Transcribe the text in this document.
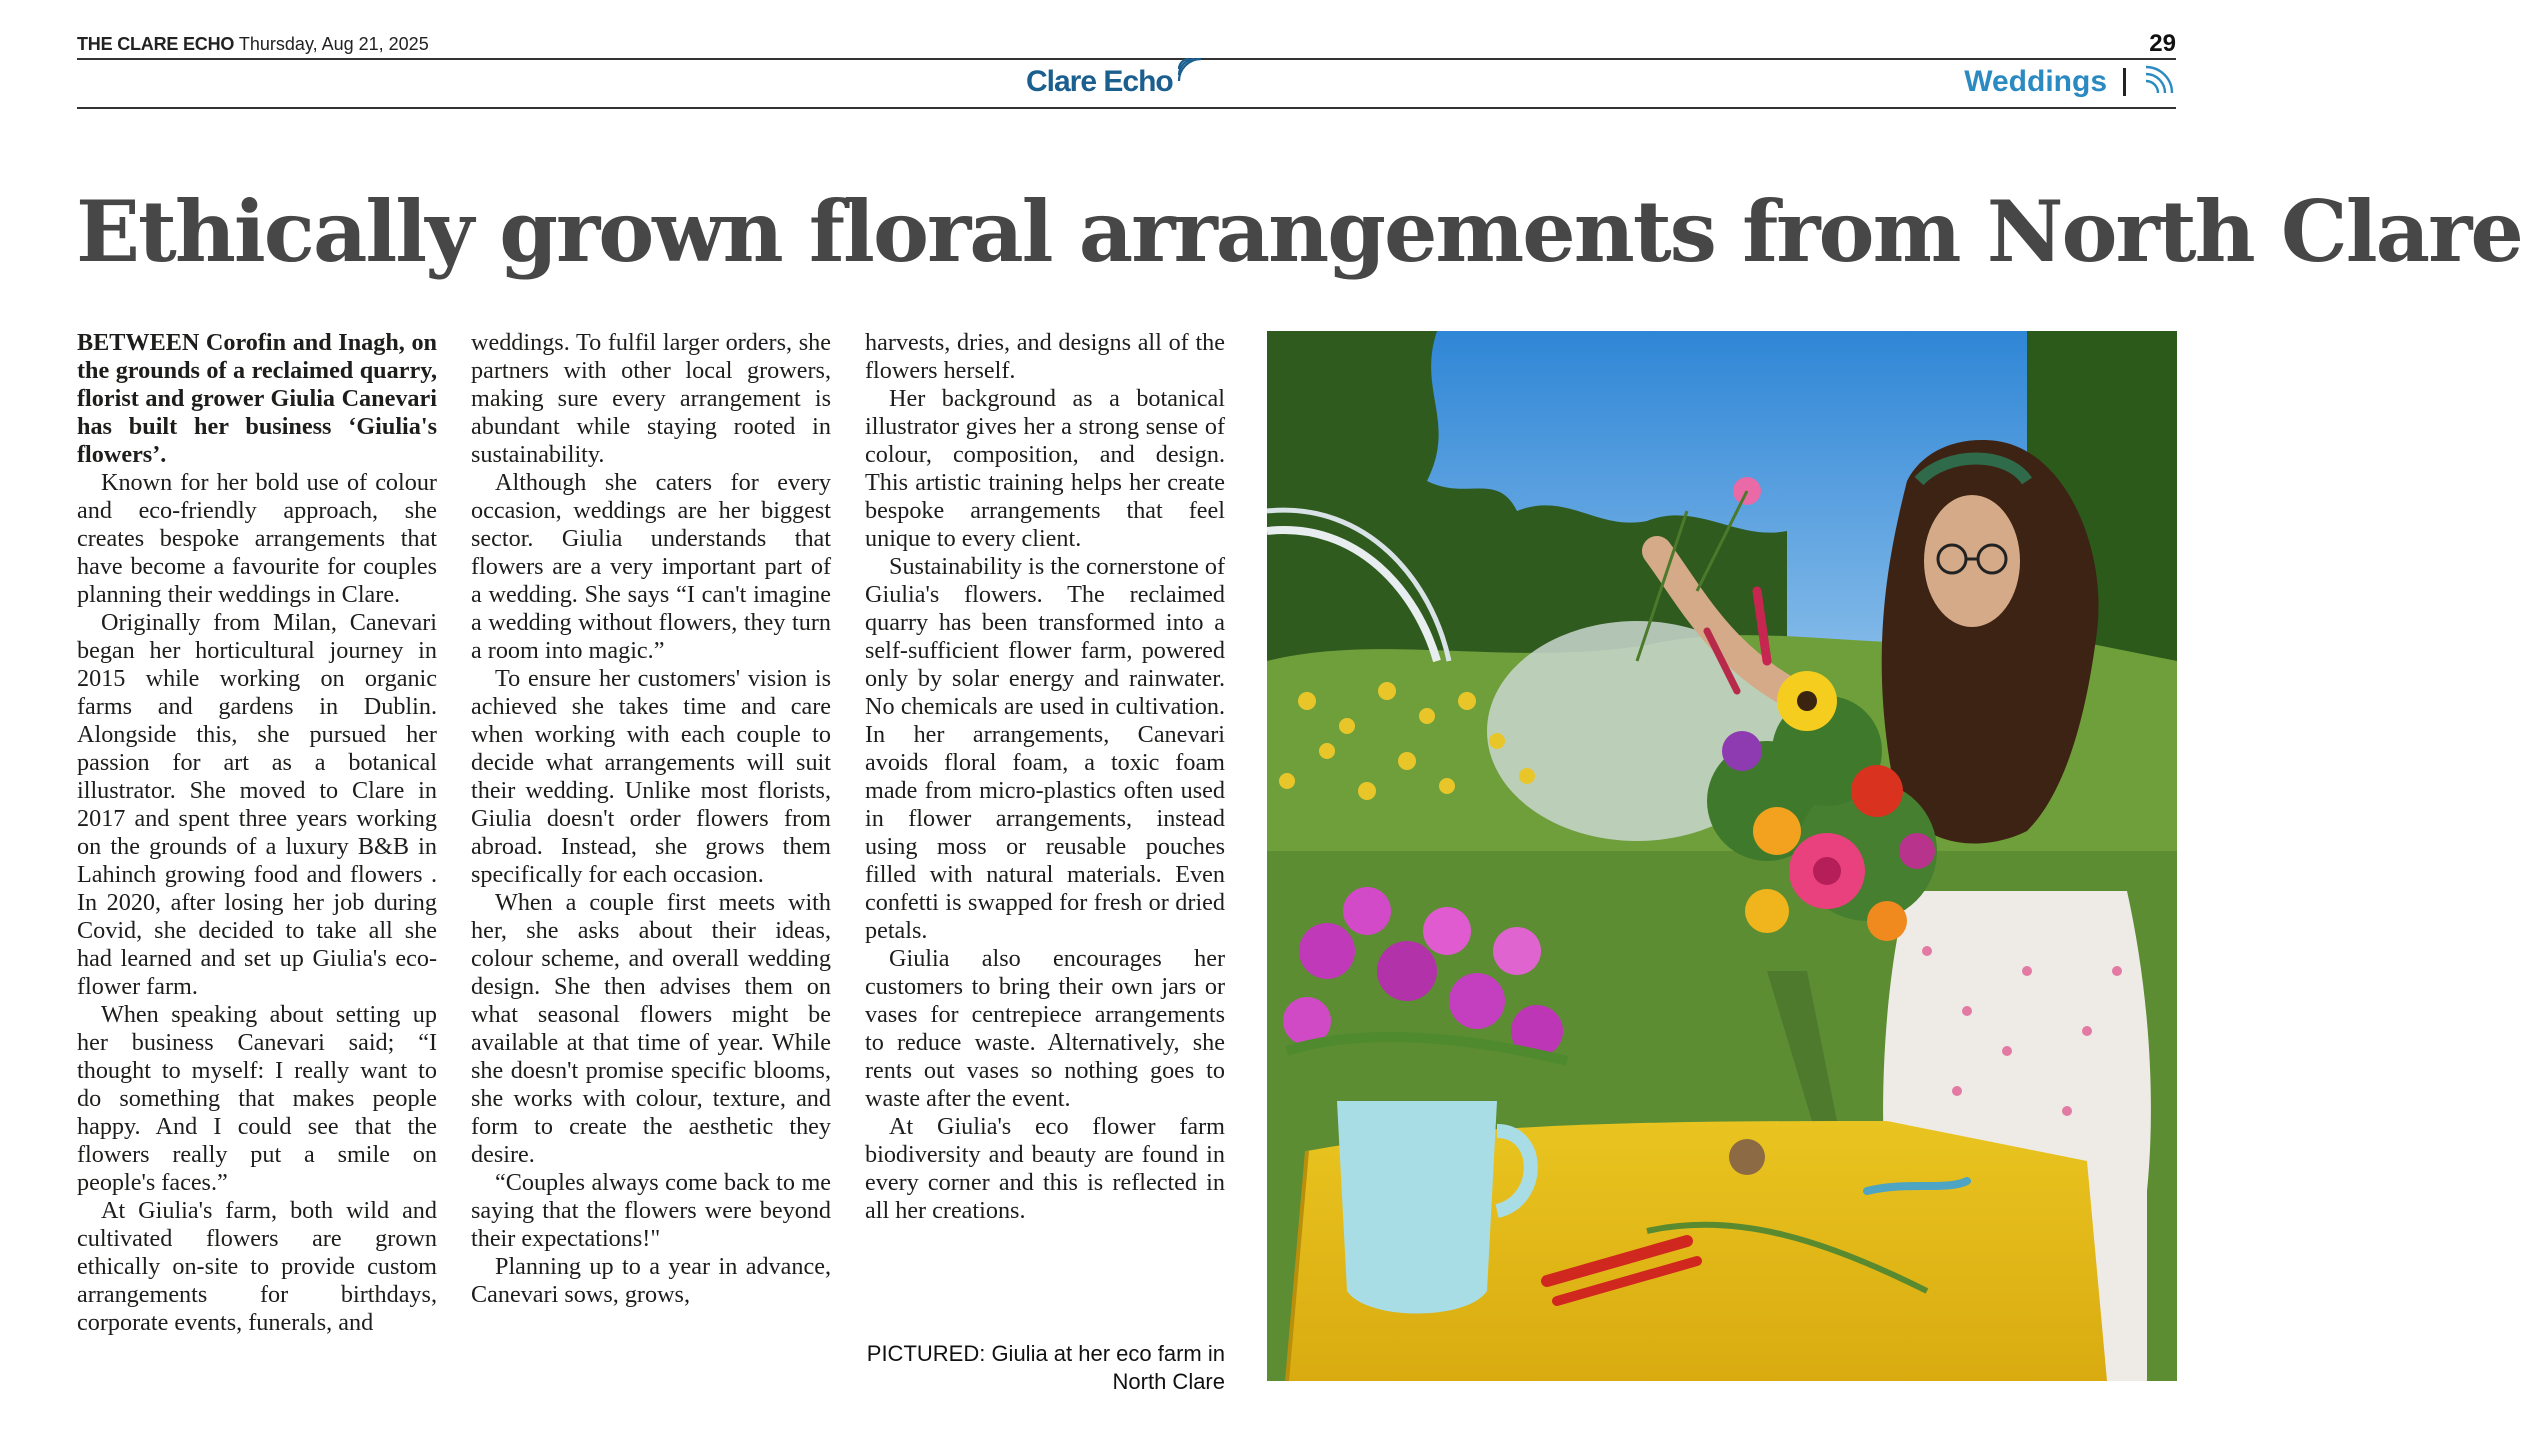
THE CLARE ECHO Thursday, Aug 21, 2025	29
Clare Echo	Weddings
Ethically grown floral arrangements from North Clare

BETWEEN Corofin and Inagh, on the grounds of a reclaimed quarry, florist and grower Giulia Canevari has built her business ‘Giulia's flowers’.

Known for her bold use of colour and eco-friendly approach, she creates bespoke arrangements that have become a favourite for couples planning their weddings in Clare.

Originally from Milan, Canevari began her horticultural journey in 2015 while working on organic farms and gardens in Dublin. Alongside this, she pursued her passion for art as a botanical illustrator. She moved to Clare in 2017 and spent three years working on the grounds of a luxury B&B in Lahinch growing food and flowers . In 2020, after losing her job during Covid, she decided to take all she had learned and set up Giulia's eco-flower farm.

When speaking about setting up her business Canevari said; “I thought to myself: I really want to do something that makes people happy. And I could see that the flowers really put a smile on people's faces.”

At Giulia's farm, both wild and cultivated flowers are grown ethically on-site to provide custom arrangements for birthdays, corporate events, funerals, and

weddings. To fulfil larger orders, she partners with other local growers, making sure every arrangement is abundant while staying rooted in sustainability.

Although she caters for every occasion, weddings are her biggest sector. Giulia understands that flowers are a very important part of a wedding. She says “I can't imagine a wedding without flowers, they turn a room into magic.”

To ensure her customers' vision is achieved she takes time and care when working with each couple to decide what arrangements will suit their wedding. Unlike most florists, Giulia doesn't order flowers from abroad. Instead, she grows them specifically for each occasion.

When a couple first meets with her, she asks about their ideas, colour scheme, and overall wedding design. She then advises them on what seasonal flowers might be available at that time of year. While she doesn't promise specific blooms, she works with colour, texture, and form to create the aesthetic they desire.

“Couples always come back to me saying that the flowers were beyond their expectations!"

Planning up to a year in advance, Canevari sows, grows,

harvests, dries, and designs all of the flowers herself.

Her background as a botanical illustrator gives her a strong sense of colour, composition, and design. This artistic training helps her create bespoke arrangements that feel unique to every client.

Sustainability is the cornerstone of Giulia's flowers. The reclaimed quarry has been transformed into a self-sufficient flower farm, powered only by solar energy and rainwater. No chemicals are used in cultivation. In her arrangements, Canevari avoids floral foam, a toxic foam made from micro-plastics often used in flower arrangements, instead using moss or reusable pouches filled with natural materials. Even confetti is swapped for fresh or dried petals.

Giulia also encourages her customers to bring their own jars or vases for centrepiece arrangements to reduce waste. Alternatively, she rents out vases so nothing goes to waste after the event.

At Giulia's eco flower farm biodiversity and beauty are found in every corner and this is reflected in all her creations.

PICTURED: Giulia at her eco farm in North Clare
